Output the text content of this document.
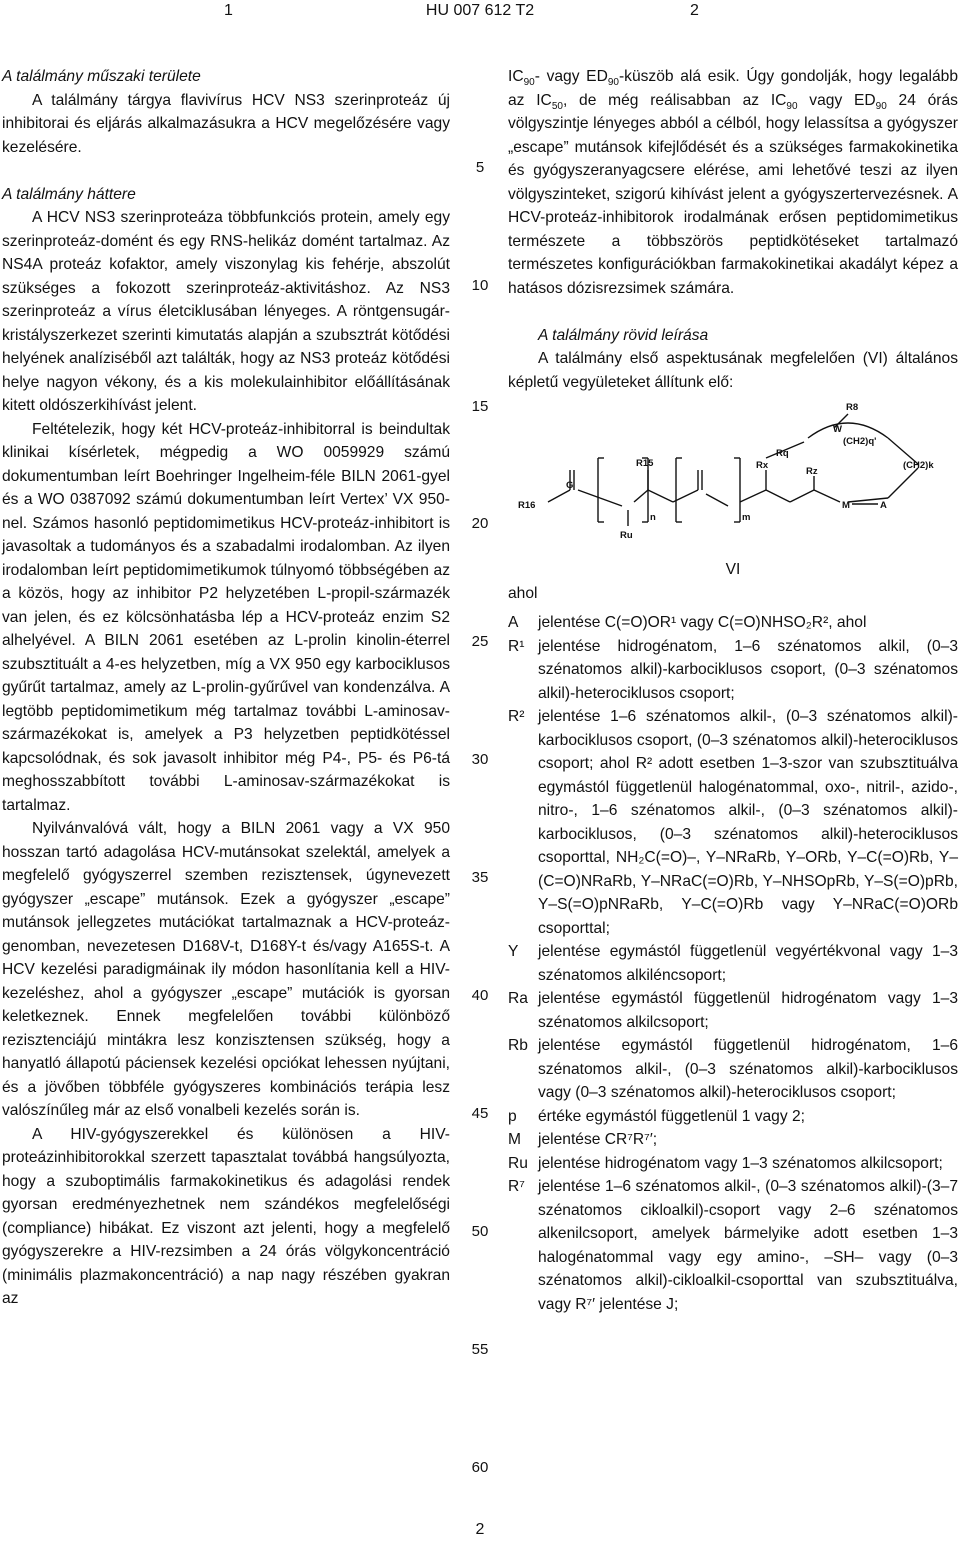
1	HU 007 612 T2	2

A találmány műszaki területe

A találmány tárgya flavivírus HCV NS3 szerinproteáz új inhibitorai és eljárás alkalmazásukra a HCV megelőzésére vagy kezelésére.

A találmány háttere

A HCV NS3 szerinproteáza többfunkciós protein, amely egy szerinproteáz-domént és egy RNS-helikáz domént tartalmaz. Az NS4A proteáz kofaktor, amely viszonylag kis fehérje, abszolút szükséges a fokozott szerinproteáz-aktivitáshoz. Az NS3 szerinproteáz a vírus életciklusában lényeges. A röntgensugár-kristályszerkezet szerinti kimutatás alapján a szubsztrát kötődési helyének analíziséből azt találták, hogy az NS3 proteáz kötődési helye nagyon vékony, és a kis molekulainhibitor előállításának kitett oldószerkihívást jelent.

Feltételezik, hogy két HCV-proteáz-inhibitorral is beindultak klinikai kísérletek, mégpedig a WO 0059929 számú dokumentumban leírt Boehringer Ingelheim-féle BILN 2061-gyel és a WO 0387092 számú dokumentumban leírt Vertex’ VX 950-nel. Számos hasonló peptidomimetikus HCV-proteáz-inhibitort is javasoltak a tudományos és a szabadalmi irodalomban. Az ilyen irodalomban leírt peptidomimetikumok túlnyomó többségében az a közös, hogy az inhibitor P2 helyzetében L-propil-származék van jelen, és ez kölcsönhatásba lép a HCV-proteáz enzim S2 alhelyével. A BILN 2061 esetében az L-prolin kinolin-éterrel szubsztituált a 4-es helyzetben, míg a VX 950 egy karbociklusos gyűrűt tartalmaz, amely az L-prolin-gyűrűvel van kondenzálva. A legtöbb peptidomimetikum még tartalmaz további L-aminosav-származékokat is, amelyek a P3 helyzetben peptidkötéssel kapcsolódnak, és sok javasolt inhibitor még P4-, P5- és P6-tá meghosszabbított további L-aminosav-származékokat is tartalmaz.

Nyilvánvalóvá vált, hogy a BILN 2061 vagy a VX 950 hosszan tartó adagolása HCV-mutánsokat szelektál, amelyek a megfelelő gyógyszerrel szemben rezisztensek, úgynevezett gyógyszer „escape” mutánsok. Ezek a gyógyszer „escape” mutánsok jellegzetes mutációkat tartalmaznak a HCV-proteáz-genomban, nevezetesen D168V-t, D168Y-t és/vagy A165S-t. A HCV kezelési paradigmáinak ily módon hasonlítania kell a HIV-kezeléshez, ahol a gyógyszer „escape” mutációk is gyorsan keletkeznek. Ennek megfelelően további különböző rezisztenciájú mintákra lesz konzisztensen szükség, hogy a hanyatló állapotú páciensek kezelési opciókat lehessen nyújtani, és a jövőben többféle gyógyszeres kombinációs terápia lesz valószínűleg már az első vonalbeli kezelés során is.

A HIV-gyógyszerekkel és különösen a HIV-proteázinhibitorokkal szerzett tapasztalat továbbá hangsúlyozta, hogy a szuboptimális farmakokinetikus és adagolási rendek gyorsan eredményezhetnek nem szándékos megfelelőségi (compliance) hibákat. Ez viszont azt jelenti, hogy a megfelelő gyógyszerekre a HIV-rezsimben a 24 órás völgykoncentráció (minimális plazmakoncentráció) a nap nagy részében gyakran az

5
10
15
20
25
30
35
40
45
50
55
60

$IC_{90}-$ vagy $ED_{90}$-küszöb alá esik. Úgy gondolják, hogy legalább az $IC_{50}$, de még reálisabban az $IC_{90}$ vagy $ED_{90}$ 24 órás völgyszintje lényeges abból a célból, hogy lelassítsa a gyógyszer „escape” mutánsok kifejlődését és a szükséges farmakokinetika és gyógyszeranyagcsere elérése, ami lehetővé teszi az ilyen völgyszinteket, szigorú kihívást jelent a gyógyszertervezésnek. A HCV-proteáz-inhibitorok irodalmának erősen peptidomimetikus természete a többszörös peptidkötéseket tartalmazó természetes konfigurációkban farmakokinetikai akadályt képez a hatásos dózisrezsimek számára.

A találmány rövid leírása

A találmány első aspektusának megfelelően (VI) általános képletű vegyületeket állítunk elő:

R8
W
(CH2)q'
Rq
R15	(CH2)k
Rx
Rz
G
R16
n
Ru
m
M	A

VI

ahol

A	jelentése C(=O)OR¹ vagy C(=O)NHSO₂R², ahol
R¹ jelentése hidrogénatom, 1–6 szénatomos alkil, (0–3 szénatomos alkil)-karbociklusos csoport, (0–3 szénatomos alkil)-heterociklusos csoport;
R² jelentése 1–6 szénatomos alkil-, (0–3 szénatomos alkil)-karbociklusos csoport, (0–3 szénatomos alkil)-heterociklusos csoport; ahol R² adott esetben 1–3-szor van szubsztituálva egymástól függetlenül halogénatommal, oxo-, nitril-, azido-, nitro-, 1–6 szénatomos alkil-, (0–3 szénatomos alkil)-karbociklusos, (0–3 szénatomos alkil)-heterociklusos csoporttal, NH₂C(=O)–, Y–NRaRb, Y–ORb, Y–C(=O)Rb, Y–(C=O)NRaRb, Y–NRaC(=O)Rb, Y–NHSOpRb, Y–S(=O)pRb, Y–S(=O)pNRaRb, Y–C(=O)Rb vagy Y–NRaC(=O)ORb csoporttal;
Y	jelentése egymástól függetlenül vegyértékvonal vagy 1–3 szénatomos alkiléncsoport;
Ra jelentése egymástól függetlenül hidrogénatom vagy 1–3 szénatomos alkilcsoport;
Rb jelentése egymástól függetlenül hidrogénatom, 1–6 szénatomos alkil-, (0–3 szénatomos alkil)-karbociklusos vagy (0–3 szénatomos alkil)-heterociklusos csoport;
p	értéke egymástól függetlenül 1 vagy 2;
M	jelentése CR⁷R⁷′;
Ru jelentése hidrogénatom vagy 1–3 szénatomos alkilcsoport;
R⁷ jelentése 1–6 szénatomos alkil-, (0–3 szénatomos alkil)-(3–7 szénatomos cikloalkil)-csoport vagy 2–6 szénatomos alkenilcsoport, amelyek bármelyike adott esetben 1–3 halogénatommal vagy egy amino-, –SH– vagy (0–3 szénatomos alkil)-cikloalkil-csoporttal van szubsztituálva, vagy R⁷′ jelentése J;
2
